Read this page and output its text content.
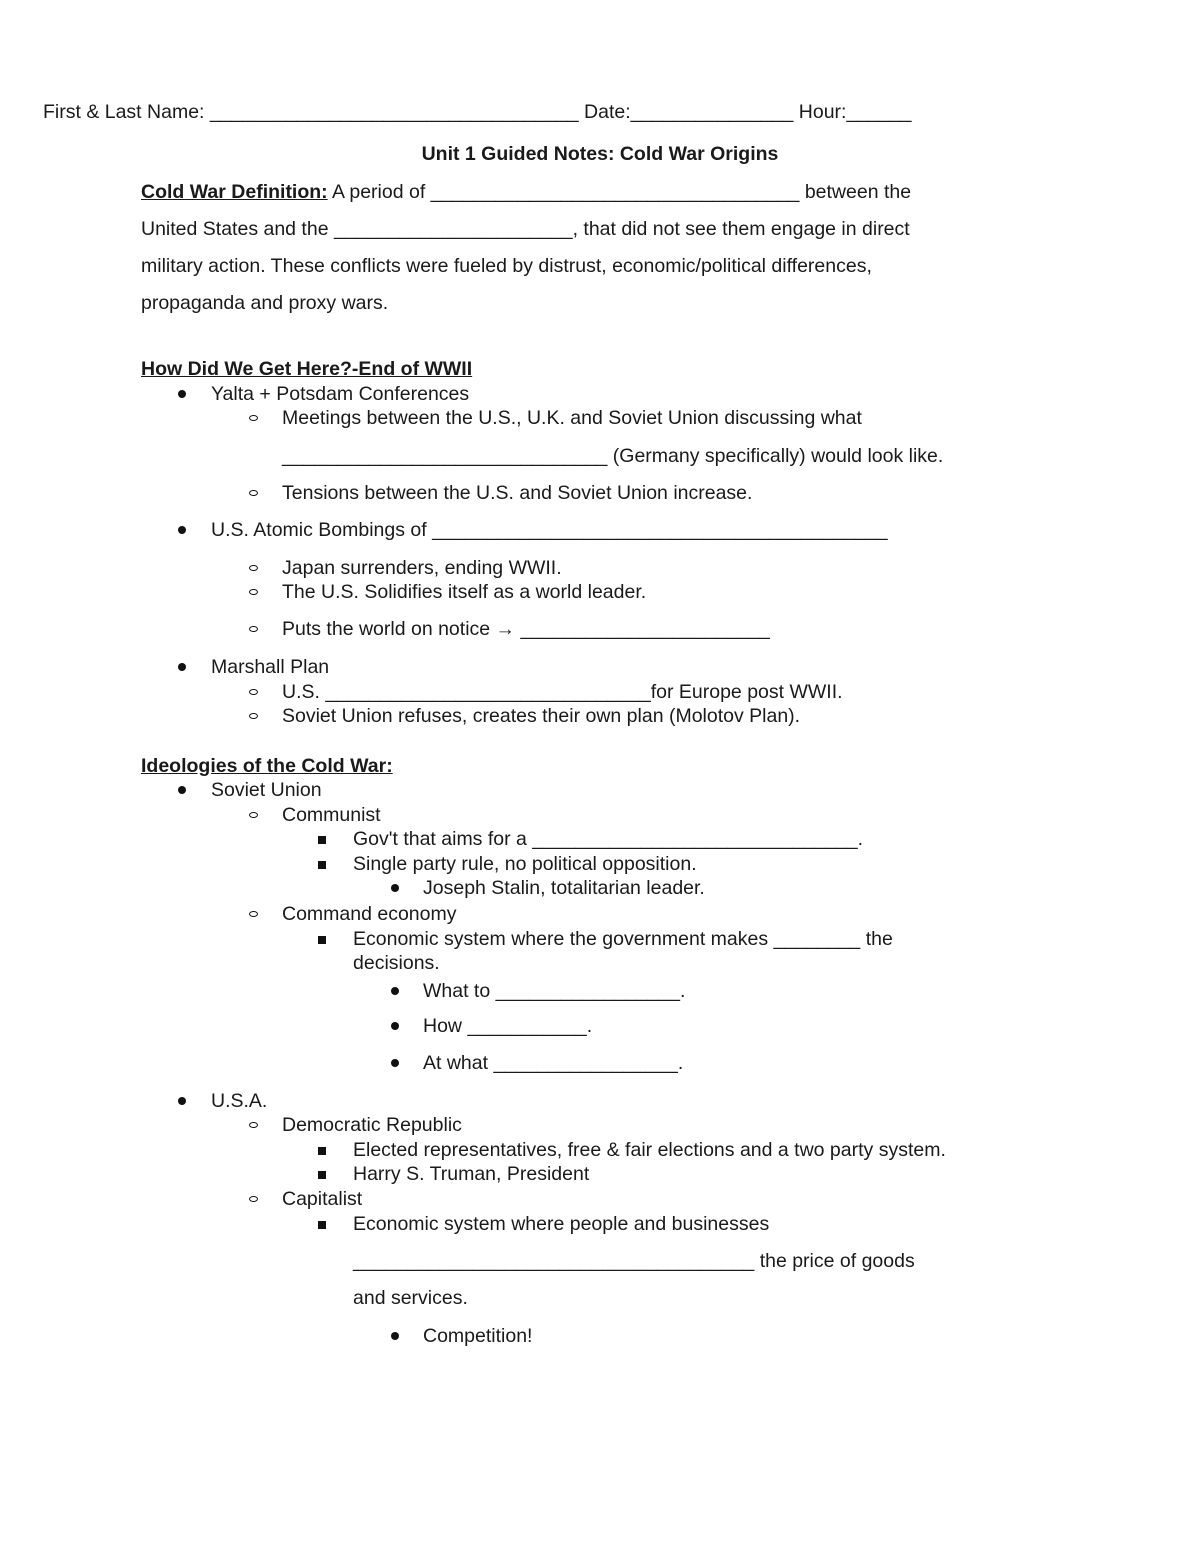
First & Last Name: __________________________________ Date:_______________ Hour:______
Unit 1 Guided Notes: Cold War Origins
Cold War Definition: A period of __________________________________ between the
United States and the ______________________, that did not see them engage in direct
military action. These conflicts were fueled by distrust, economic/political differences,
propaganda and proxy wars.
How Did We Get Here?-End of WWII
Yalta + Potsdam Conferences
Meetings between the U.S., U.K. and Soviet Union discussing what
______________________________ (Germany specifically) would look like.
Tensions between the U.S. and Soviet Union increase.
U.S. Atomic Bombings of __________________________________________
Japan surrenders, ending WWII.
The U.S. Solidifies itself as a world leader.
Puts the world on notice → _______________________
Marshall Plan
U.S. ______________________________for Europe post WWII.
Soviet Union refuses, creates their own plan (Molotov Plan).
Ideologies of the Cold War:
Soviet Union
Communist
Gov't that aims for a ______________________________.
Single party rule, no political opposition.
Joseph Stalin, totalitarian leader.
Command economy
Economic system where the government makes ________ the
decisions.
What to _________________.
How ___________.
At what _________________.
U.S.A.
Democratic Republic
Elected representatives, free & fair elections and a two party system.
Harry S. Truman, President
Capitalist
Economic system where people and businesses
_____________________________________ the price of goods
and services.
Competition!
